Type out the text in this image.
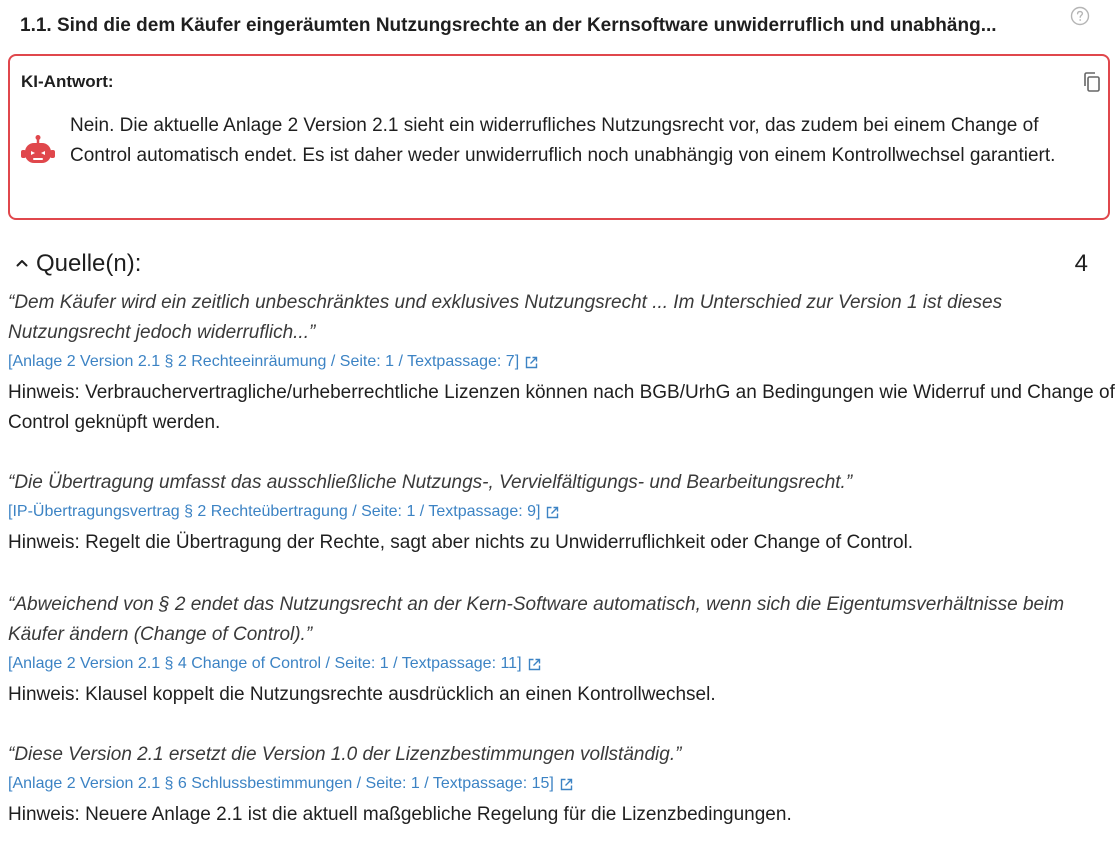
1.1. Sind die dem Käufer eingeräumten Nutzungsrechte an der Kernsoftware unwiderruflich und unabhäng...
KI-Antwort:
Nein. Die aktuelle Anlage 2 Version 2.1 sieht ein widerrufliches Nutzungsrecht vor, das zudem bei einem Change of Control automatisch endet. Es ist daher weder unwiderruflich noch unabhängig von einem Kontrollwechsel garantiert.
Quelle(n):	4
“Dem Käufer wird ein zeitlich unbeschränktes und exklusives Nutzungsrecht ... Im Unterschied zur Version 1 ist dieses Nutzungsrecht jedoch widerruflich...”
[Anlage 2 Version 2.1 § 2 Rechteeinräumung / Seite: 1 / Textpassage: 7]
Hinweis: Verbrauchervertragliche/urheberrechtliche Lizenzen können nach BGB/UrhG an Bedingungen wie Widerruf und Change of Control geknüpft werden.
“Die Übertragung umfasst das ausschließliche Nutzungs-, Vervielfältigungs- und Bearbeitungsrecht.”
[IP-Übertragungsvertrag § 2 Rechteübertragung / Seite: 1 / Textpassage: 9]
Hinweis: Regelt die Übertragung der Rechte, sagt aber nichts zu Unwiderruflichkeit oder Change of Control.
“Abweichend von § 2 endet das Nutzungsrecht an der Kern-Software automatisch, wenn sich die Eigentumsverhältnisse beim Käufer ändern (Change of Control).”
[Anlage 2 Version 2.1 § 4 Change of Control / Seite: 1 / Textpassage: 11]
Hinweis: Klausel koppelt die Nutzungsrechte ausdrücklich an einen Kontrollwechsel.
“Diese Version 2.1 ersetzt die Version 1.0 der Lizenzbestimmungen vollständig.”
[Anlage 2 Version 2.1 § 6 Schlussbestimmungen / Seite: 1 / Textpassage: 15]
Hinweis: Neuere Anlage 2.1 ist die aktuell maßgebliche Regelung für die Lizenzbedingungen.
